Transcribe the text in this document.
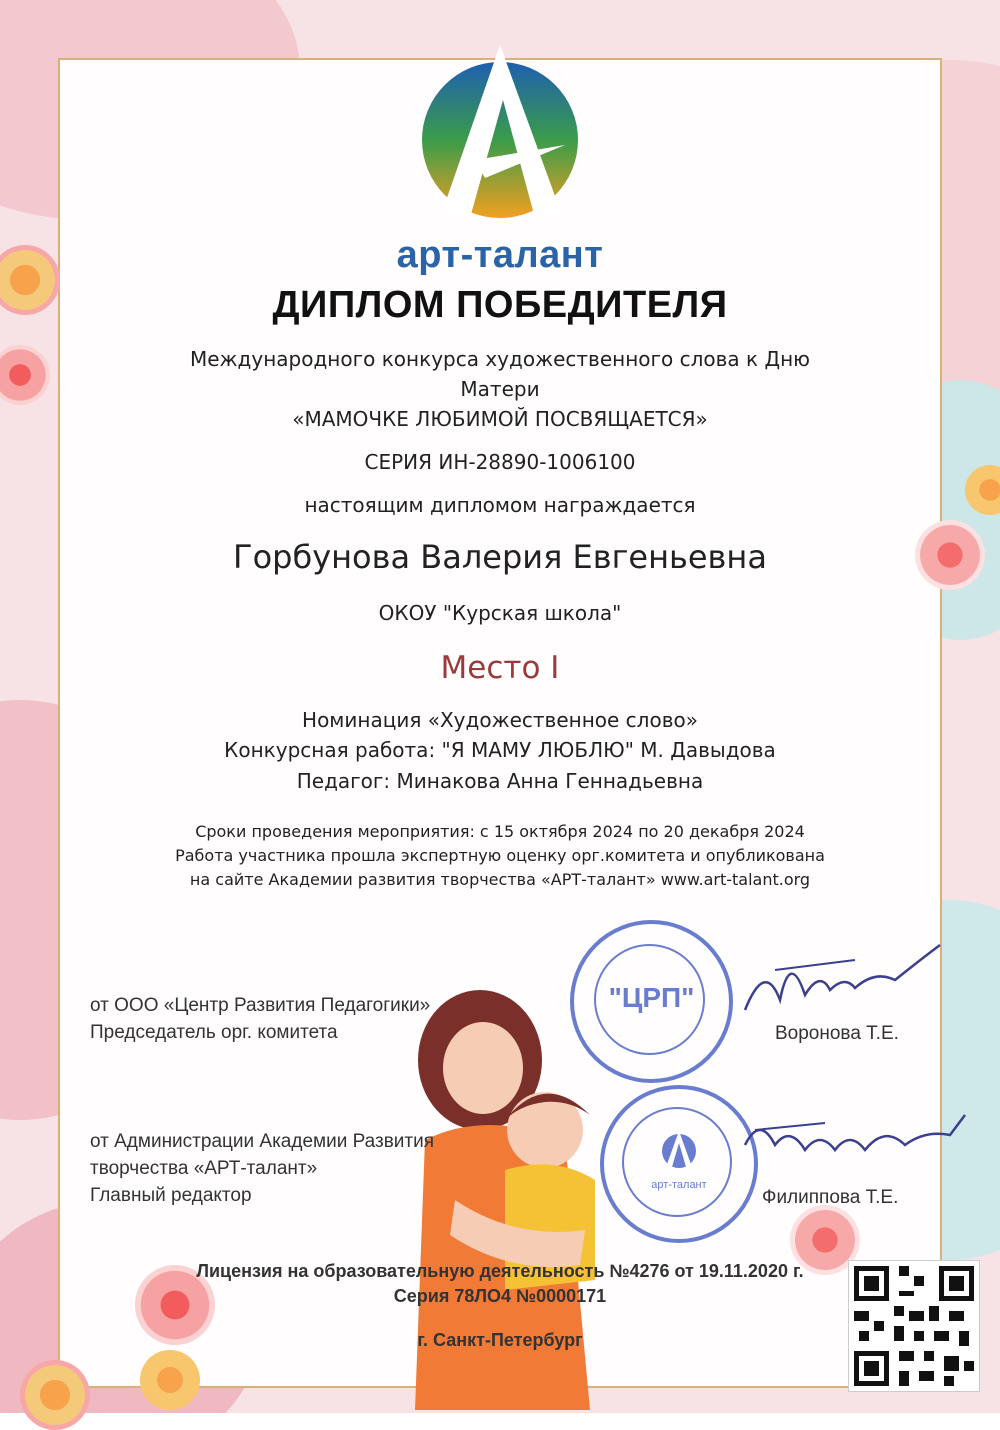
арт-талант
ДИПЛОМ ПОБЕДИТЕЛЯ
Международного конкурса художественного слова к Дню
Матери
«МАМОЧКЕ ЛЮБИМОЙ ПОСВЯЩАЕТСЯ»
СЕРИЯ ИН-28890-1006100
настоящим дипломом награждается
Горбунова Валерия Евгеньевна
ОКОУ "Курская школа"
Место I
Номинация «Художественное слово»
Конкурсная работа: "Я МАМУ ЛЮБЛЮ" М. Давыдова
Педагог: Минакова Анна Геннадьевна
Сроки проведения мероприятия: с 15 октября 2024 по 20 декабря 2024
Работа участника прошла экспертную оценку орг.комитета и опубликована
на сайте Академии развития творчества «АРТ-талант» www.art-talant.org
"ЦРП"
арт-талант
от ООО «Центр Развития Педагогики»
Председатель орг. комитета	Воронова Т.Е.
от Администрации Академии Развития
творчества «АРТ-талант»
Главный редактор	Филиппова Т.Е.
Лицензия на образовательную деятельность №4276 от 19.11.2020 г.
Серия 78ЛО4 №0000171
г. Санкт-Петербург
